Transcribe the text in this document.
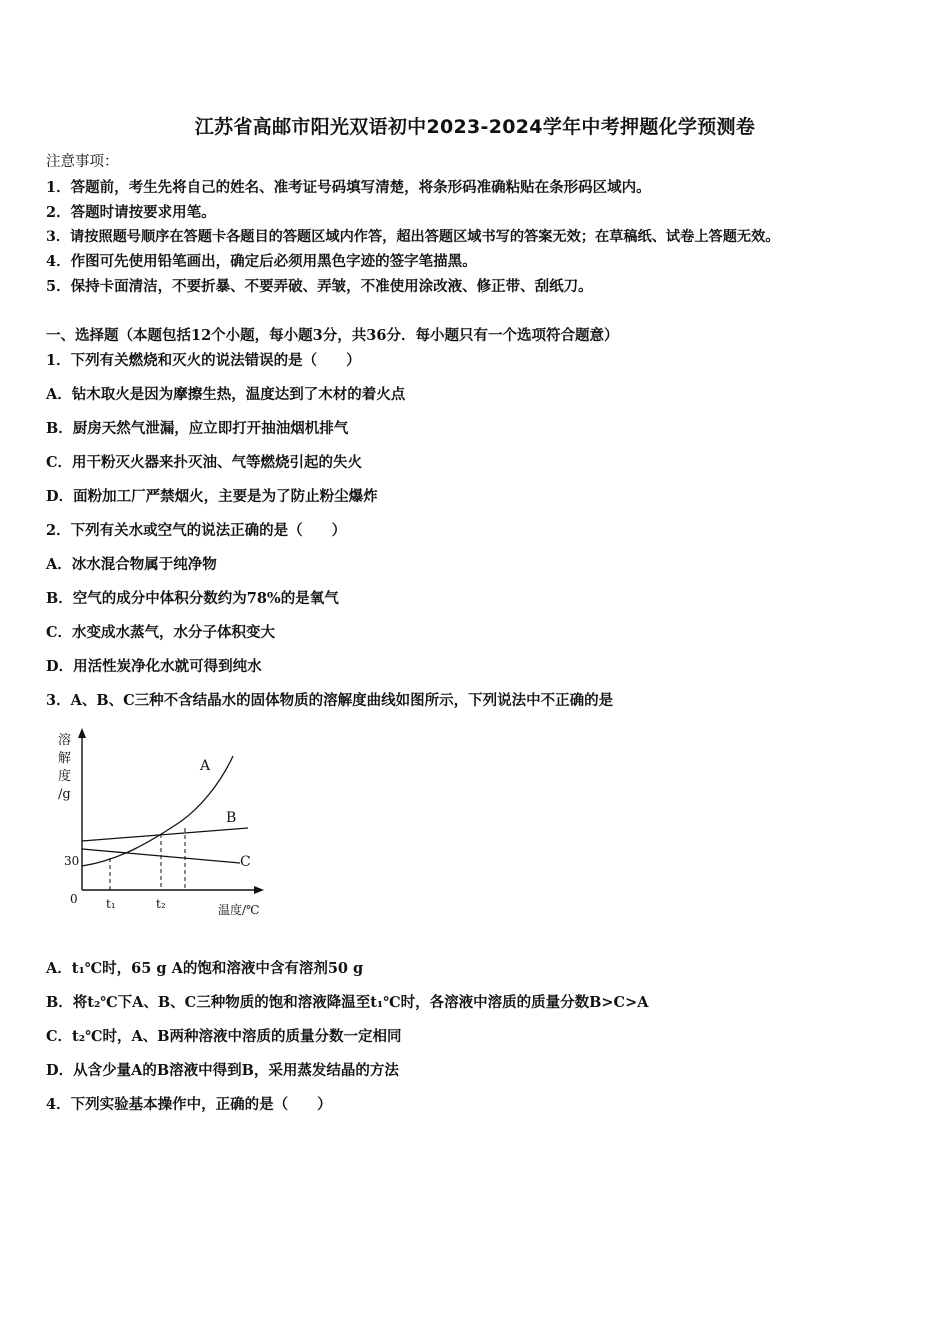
江苏省高邮市阳光双语初中2023-2024学年中考押题化学预测卷
注意事项：
1．答题前，考生先将自己的姓名、准考证号码填写清楚，将条形码准确粘贴在条形码区域内。
2．答题时请按要求用笔。
3．请按照题号顺序在答题卡各题目的答题区域内作答，超出答题区域书写的答案无效；在草稿纸、试卷上答题无效。
4．作图可先使用铅笔画出，确定后必须用黑色字迹的签字笔描黑。
5．保持卡面清洁，不要折暴、不要弄破、弄皱，不准使用涂改液、修正带、刮纸刀。
一、选择题（本题包括12个小题，每小题3分，共36分．每小题只有一个选项符合题意）
1．下列有关燃烧和灭火的说法错误的是（　　）
A．钻木取火是因为摩擦生热，温度达到了木材的着火点
B．厨房天然气泄漏，应立即打开抽油烟机排气
C．用干粉灭火器来扑灭油、气等燃烧引起的失火
D．面粉加工厂严禁烟火，主要是为了防止粉尘爆炸
2．下列有关水或空气的说法正确的是（　　）
A．冰水混合物属于纯净物
B．空气的成分中体积分数约为78%的是氧气
C．水变成水蒸气，水分子体积变大
D．用活性炭净化水就可得到纯水
3．A、B、C三种不含结晶水的固体物质的溶解度曲线如图所示，下列说法中不正确的是
溶
解
度
/g
30
0 t₁	t₂	温度/℃
A
B
C
A．t₁℃时，65 g A的饱和溶液中含有溶剂50 g
B．将t₂℃下A、B、C三种物质的饱和溶液降温至t₁℃时，各溶液中溶质的质量分数B>C>A
C．t₂℃时，A、B两种溶液中溶质的质量分数一定相同
D．从含少量A的B溶液中得到B，采用蒸发结晶的方法
4．下列实验基本操作中，正确的是（　　）
